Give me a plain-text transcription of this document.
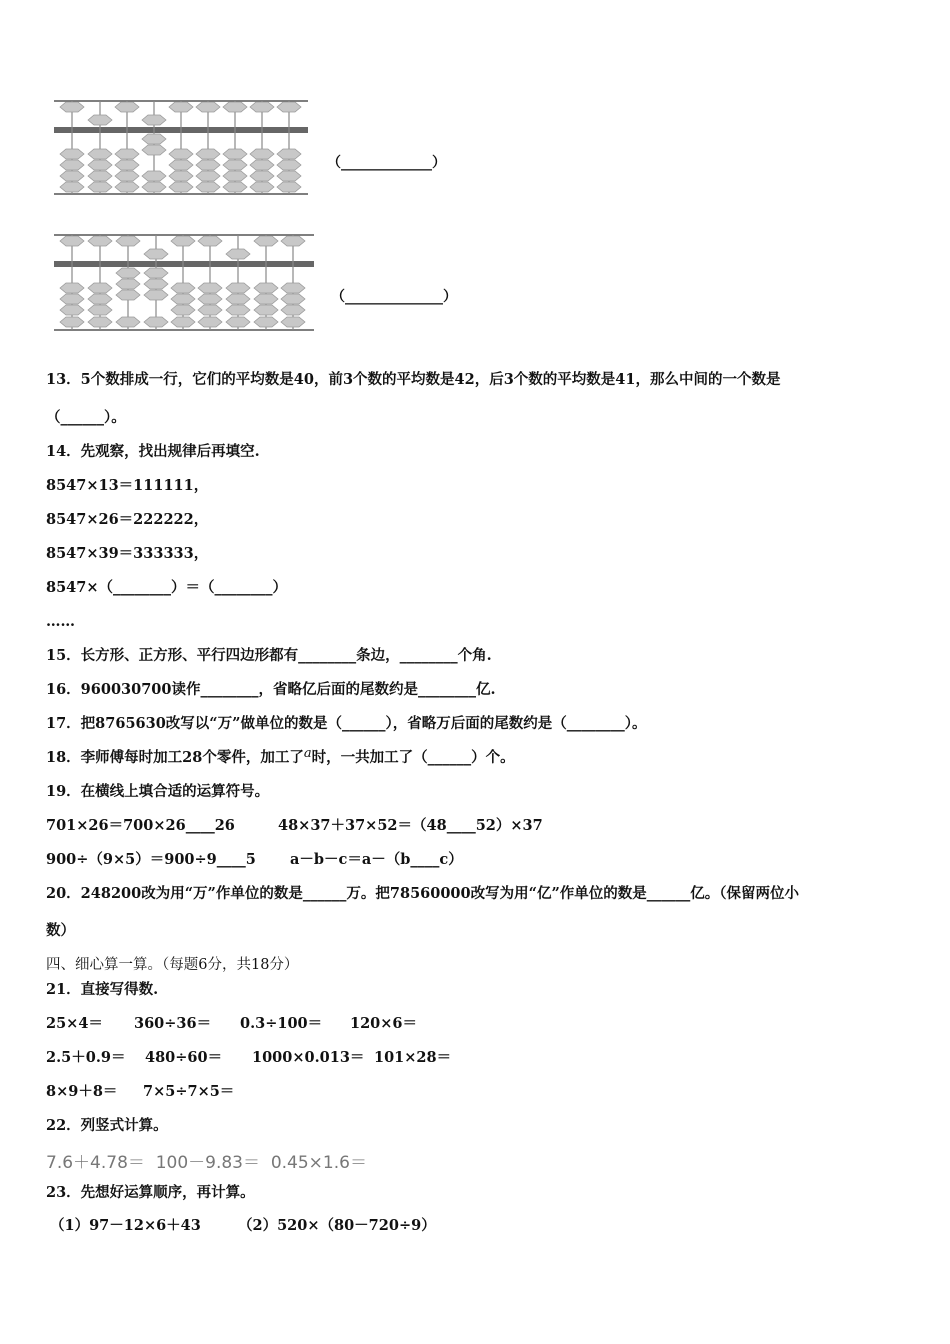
（_____________）
（______________）
13．5个数排成一行，它们的平均数是40，前3个数的平均数是42，后3个数的平均数是41，那么中间的一个数是
（______）。
14．先观察，找出规律后再填空.
8547×13＝111111，
8547×26＝222222，
8547×39＝333333，
8547×（________）＝（________）
……
15．长方形、正方形、平行四边形都有________条边，________个角.
16．960030700读作________，省略亿后面的尾数约是________亿.
17．把8765630改写以“万”做单位的数是（______），省略万后面的尾数约是（________）。
18．李师傅每时加工28个零件，加工了a时，一共加工了（______）个。
19．在横线上填合适的运算符号。
701×26＝700×26____26	48×37＋37×52＝（48____52）×37
900÷（9×5）＝900÷9____5 a－b－c＝a－（b____c）
20．248200改为用“万”作单位的数是______万。把78560000改写为用“亿”作单位的数是______亿。（保留两位小
数）
四、细心算一算。（每题6分，共18分）
21．直接写得数.
25×4＝ 360÷36＝ 0.3÷100＝ 120×6＝
2.5＋0.9＝ 480÷60＝ 1000×0.013＝ 101×28＝
8×9＋8＝ 7×5÷7×5＝
22．列竖式计算。
7.6＋4.78＝ 100－9.83＝ 0.45×1.6＝
23．先想好运算顺序，再计算。
（1）97－12×6＋43	（2）520×（80－720÷9）
